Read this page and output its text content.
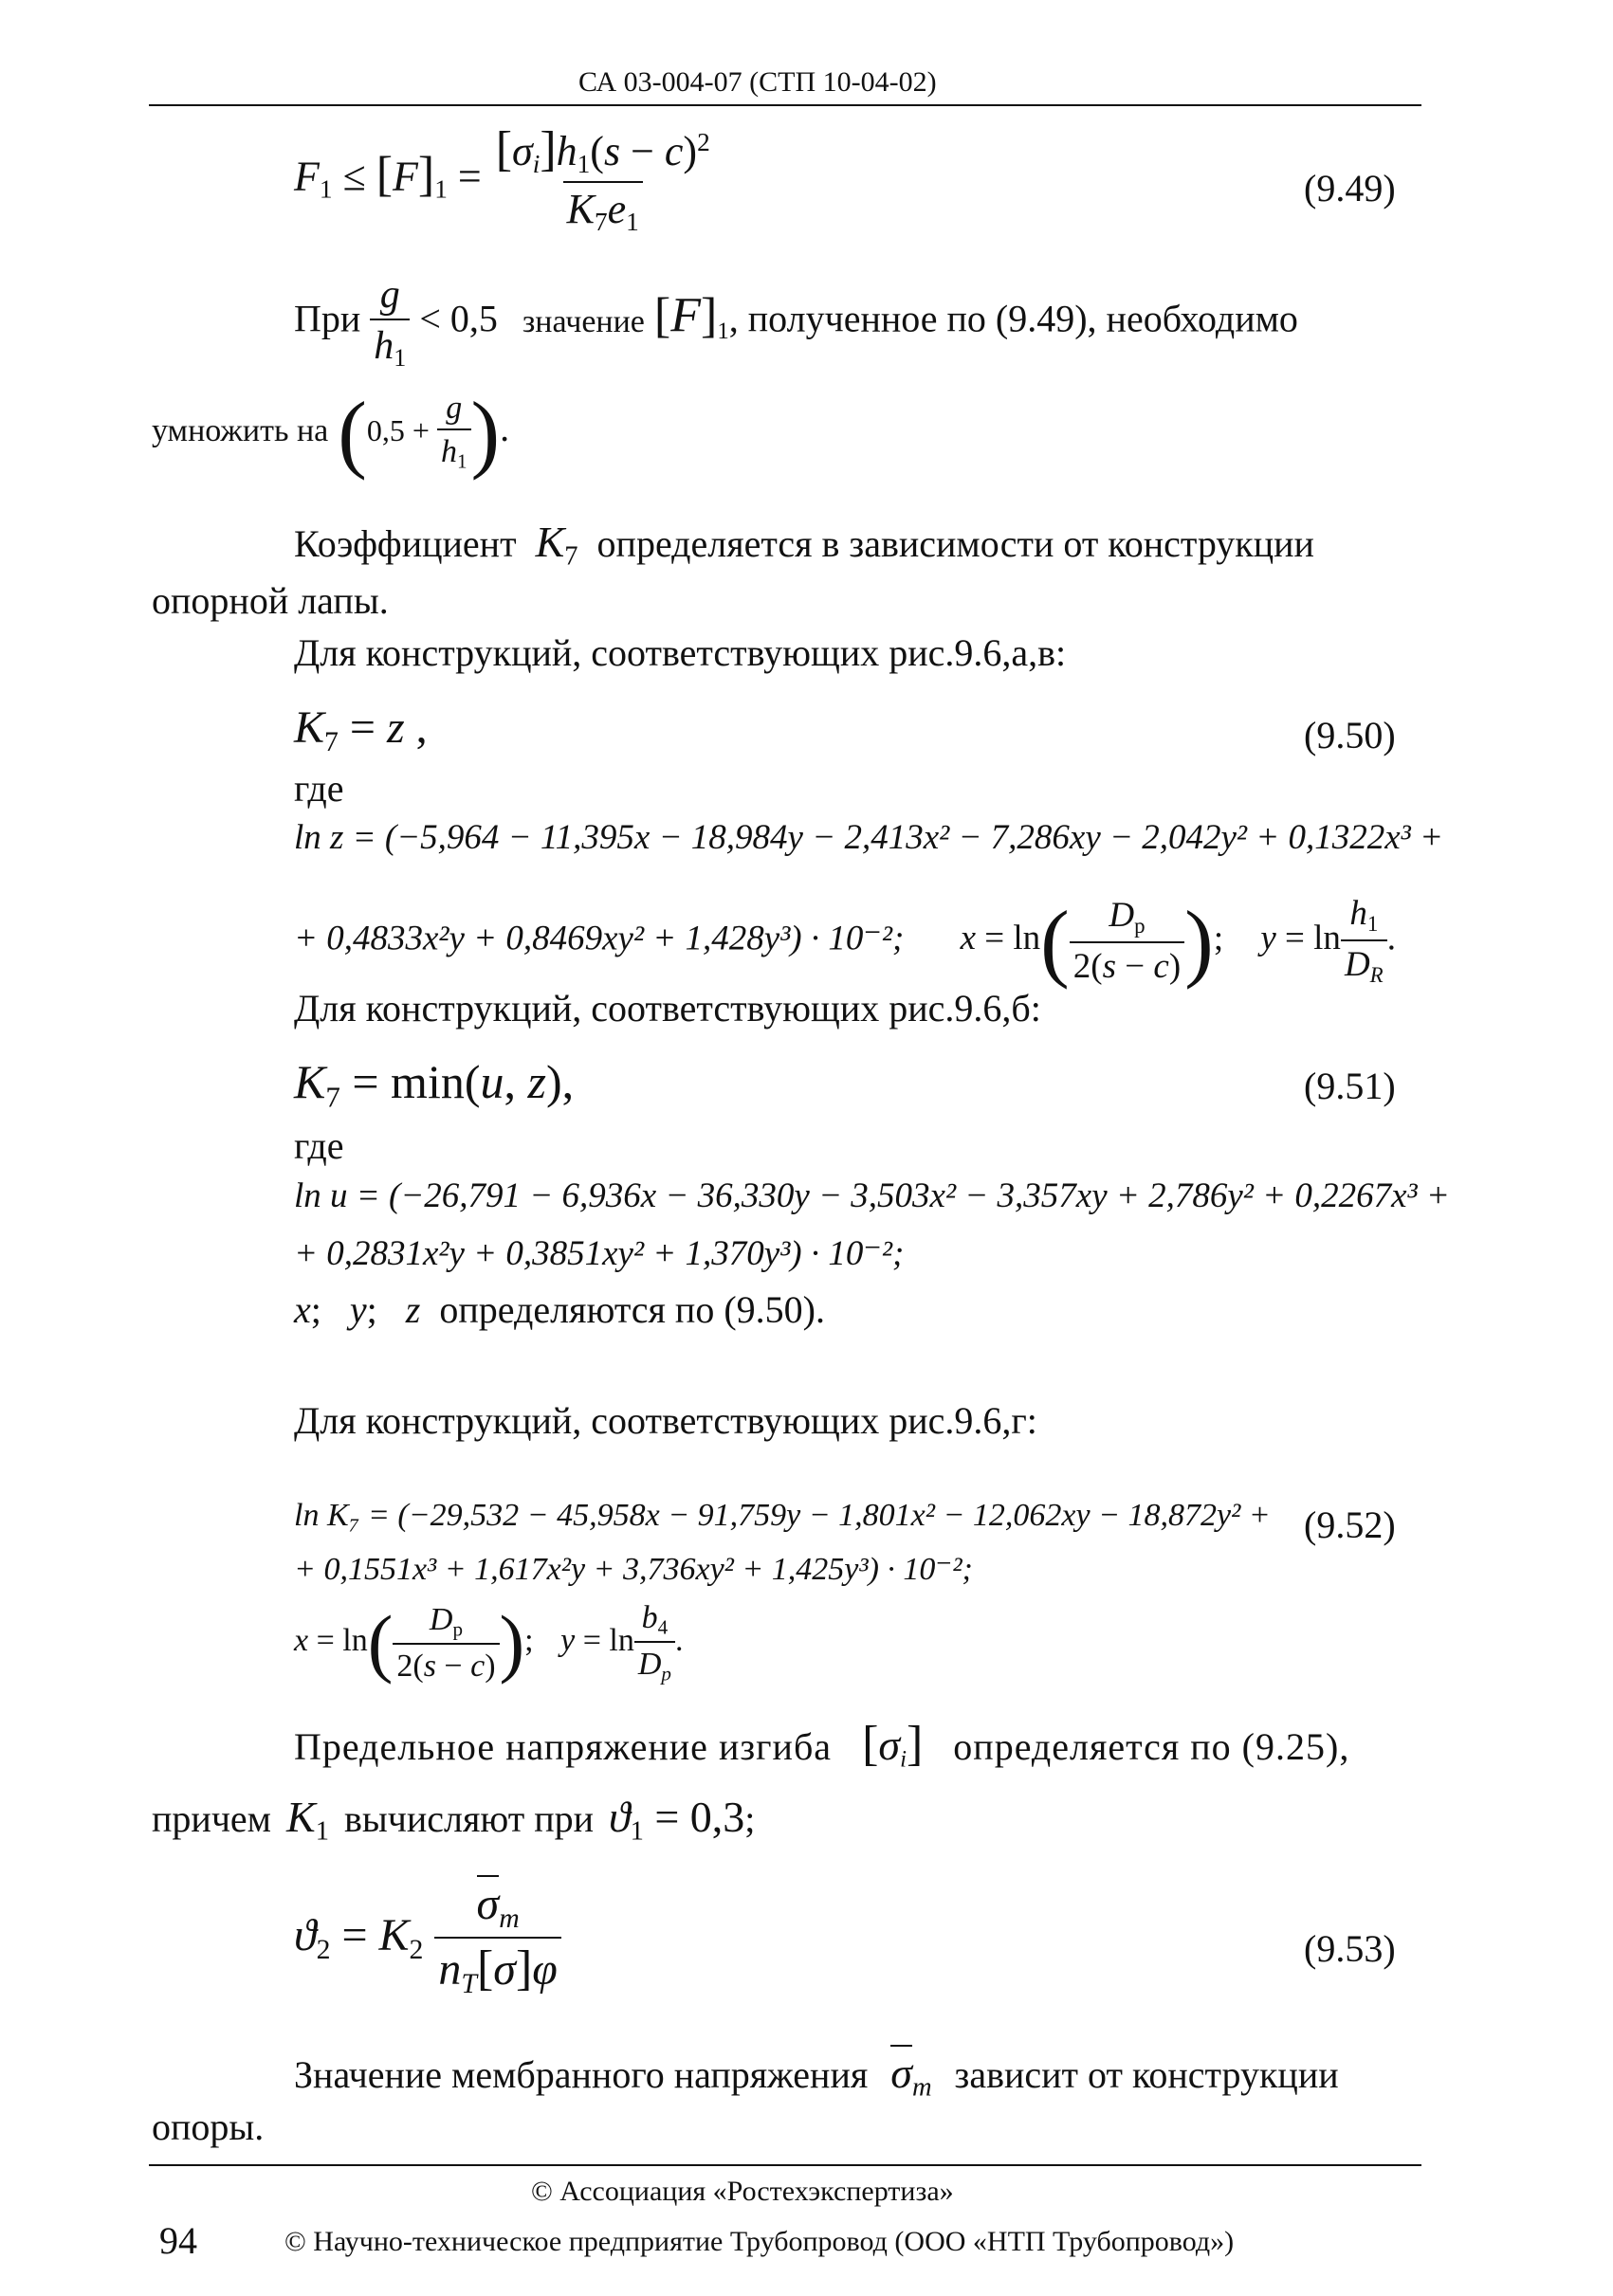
СА 03-004-07 (СТП 10-04-02)
$F_1 \le [F]_1 = \frac{[\sigma_i]h_1(s - c)^2}{K_7e_1}$	(9.49)
При $\frac{g}{h_1} < 0,5$ значение $[F]_1$, полученное по (9.49), необходимо
умножить на ($0,5 + \frac{g}{h_1}$ ).
Коэффициент $K_7$ определяется в зависимости от конструкции
опорной лапы.
Для конструкций, соответствующих рис.9.6,а,в:
$K_7 = z$ ,	(9.50)
где
ln z = (−5,964 − 11,395x − 18,984y − 2,413x² − 7,286xy − 2,042y² + 0,1322x³ +
+ 0,4833x²y + 0,8469xy² + 1,428y³) · 10⁻²; $x = \ln( \frac{D_р}{2(s - c)}$ ); $y = \ln \frac{h_1}{D_R}$ .
Для конструкций, соответствующих рис.9.6,б:
$K_7 = \min(u$, z),	(9.51)
где
ln u = (−26,791 − 6,936x − 36,330y − 3,503x² − 3,357xy + 2,786y² + 0,2267x³ +
+ 0,2831x²y + 0,3851xy² + 1,370y³) · 10⁻²;
x;   y;   z определяются по (9.50).
Для конструкций, соответствующих рис.9.6,г:
ln K₇ = (−29,532 − 45,958x − 91,759y − 1,801x² − 12,062xy − 18,872y² + (9.52)
+ 0,1551x³ + 1,617x²y + 3,736xy² + 1,425y³) · 10⁻²;
$x = \ln( \frac{D_р}{2(s - c)}$ ); $y = \ln \frac{b_4}{D_p}$ .
Предельное напряжение изгиба $[\sigma_i]$ определяется по (9.25),
причем $K_1$ вычисляют при $ϑ_1 = 0,3$;
$ϑ_2 = K_2 \frac{\sigma_m}{n_T[\sigma]\varphi}$	(9.53)
Значение мембранного напряжения $\sigma_m$ зависит от конструкции
опоры.
© Ассоциация «Ростехэкспертиза»
94	© Научно-техническое предприятие Трубопровод (ООО «НТП Трубопровод»)
